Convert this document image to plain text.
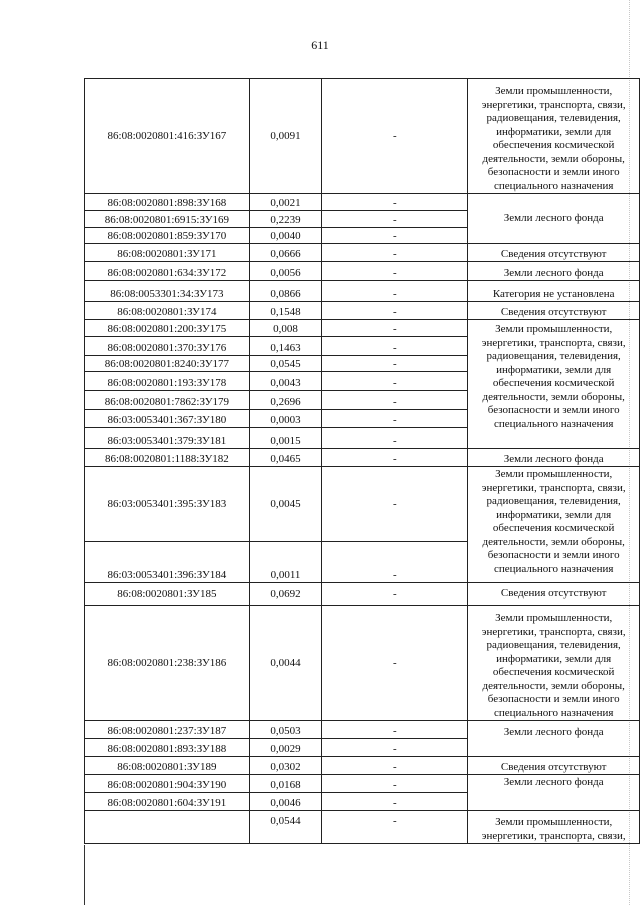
611
86:08:0020801:416:ЗУ167	0,0091	-	Земли промышленности, энергетики, транспорта, связи, радиовещания, телевидения, информатики, земли для обеспечения космической деятельности, земли обороны, безопасности и земли иного специального назначения
86:08:0020801:898:ЗУ168	0,0021	-	Земли лесного фонда
86:08:0020801:6915:ЗУ169	0,2239	-	
86:08:0020801:859:ЗУ170	0,0040	-	
86:08:0020801:ЗУ171	0,0666	-	Сведения отсутствуют
86:08:0020801:634:ЗУ172	0,0056	-	Земли лесного фонда
86:08:0053301:34:ЗУ173	0,0866	-	Категория не установлена
86:08:0020801:ЗУ174	0,1548	-	Сведения отсутствуют
86:08:0020801:200:ЗУ175	0,008	-	Земли промышленности, энергетики, транспорта, связи, радиовещания, телевидения, информатики, земли для обеспечения космической деятельности, земли обороны, безопасности и земли иного специального назначения
86:08:0020801:370:ЗУ176	0,1463	-	
86:08:0020801:8240:ЗУ177	0,0545	-	
86:08:0020801:193:ЗУ178	0,0043	-	
86:08:0020801:7862:ЗУ179	0,2696	-	
86:03:0053401:367:ЗУ180	0,0003	-	
86:03:0053401:379:ЗУ181	0,0015	-	
86:08:0020801:1188:ЗУ182	0,0465	-	Земли лесного фонда
86:03:0053401:395:ЗУ183	0,0045	-	Земли промышленности, энергетики, транспорта, связи, радиовещания, телевидения, информатики, земли для обеспечения космической деятельности, земли обороны, безопасности и земли иного специального назначения
86:03:0053401:396:ЗУ184	0,0011	-	
86:08:0020801:ЗУ185	0,0692	-	Сведения отсутствуют
86:08:0020801:238:ЗУ186	0,0044	-	Земли промышленности, энергетики, транспорта, связи, радиовещания, телевидения, информатики, земли для обеспечения космической деятельности, земли обороны, безопасности и земли иного специального назначения
86:08:0020801:237:ЗУ187	0,0503	-	Земли лесного фонда
86:08:0020801:893:ЗУ188	0,0029	-	
86:08:0020801:ЗУ189	0,0302	-	Сведения отсутствуют
86:08:0020801:904:ЗУ190	0,0168	-	Земли лесного фонда
86:08:0020801:604:ЗУ191	0,0046	-	
	0,0544	-	Земли промышленности, энергетики, транспорта, связи,
